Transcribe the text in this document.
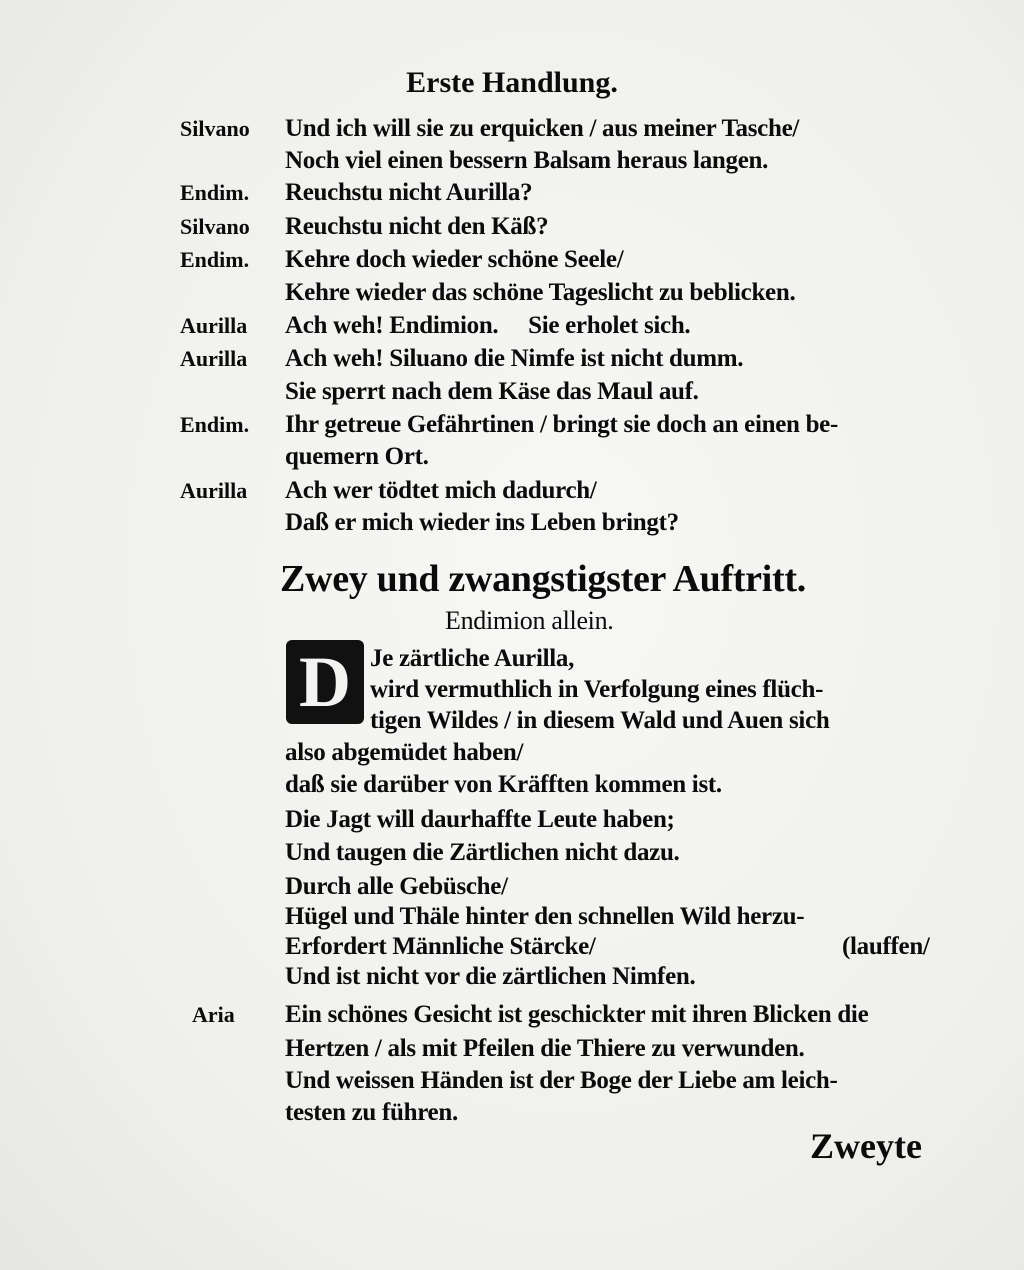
Erste Handlung.
Silvano Und ich will sie zu erquicken / aus meiner Tasche/
Noch viel einen bessern Balsam heraus langen.
Endim. Reuchstu nicht Aurilla?
Silvano Reuchstu nicht den Käß?
Endim. Kehre doch wieder schöne Seele/
Kehre wieder das schöne Tageslicht zu beblicken.
Aurilla Ach weh! Endimion.     Sie erholet sich.
Aurilla Ach weh! Siluano die Nimfe ist nicht dumm.
Sie sperrt nach dem Käse das Maul auf.
Endim. Ihr getreue Gefährtinen / bringt sie doch an einen be-
quemern Ort.
Aurilla Ach wer tödtet mich dadurch/
Daß er mich wieder ins Leben bringt?
Zwey und zwangstigster Auftritt.
Endimion allein.
D Je zärtliche Aurilla,
wird vermuthlich in Verfolgung eines flüch-
tigen Wildes / in diesem Wald und Auen sich
also abgemüdet haben/
daß sie darüber von Kräfften kommen ist.
Die Jagt will daurhaffte Leute haben;
Und taugen die Zärtlichen nicht dazu.
Durch alle Gebüsche/
Hügel und Thäle hinter den schnellen Wild herzu-
Erfordert Männliche Stärcke/	(lauffen/
Und ist nicht vor die zärtlichen Nimfen.
Aria Ein schönes Gesicht ist geschickter mit ihren Blicken die
Hertzen / als mit Pfeilen die Thiere zu verwunden.
Und weissen Händen ist der Boge der Liebe am leich-
testen zu führen.
Zweyte
